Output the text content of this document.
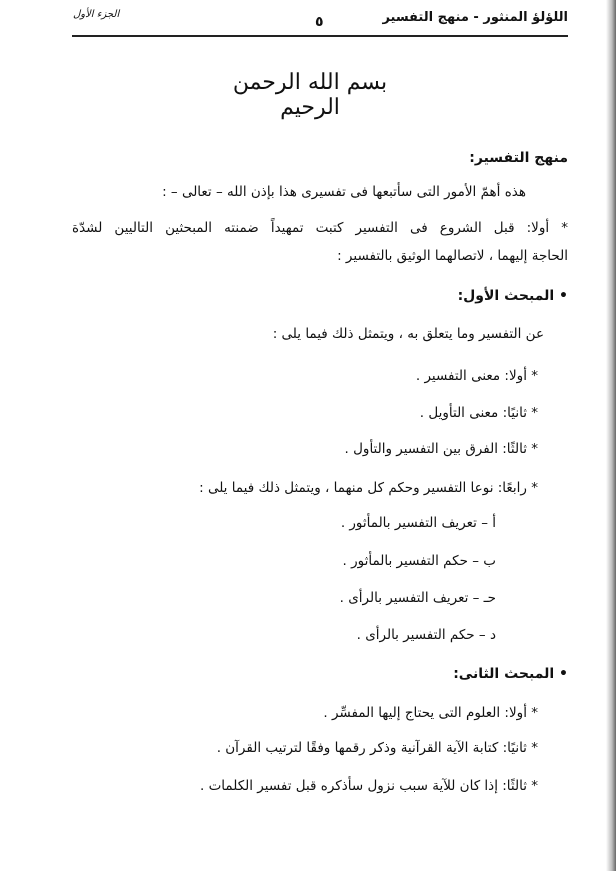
اللؤلؤ المنثور - منهج التفسير
٥
الجزء الأول
بسم الله الرحمن الرحيم
منهج التفسير:
هذه أهمّ الأمور التى سأتبعها فى تفسيرى هذا بإذن الله – تعالى – :
* أولا: قبل الشروع فى التفسير كتبت تمهيداً ضمنته المبحثين التاليين لشدّة
الحاجة إليهما ، لاتصالهما الوثيق بالتفسير :
• المبحث الأول:
عن التفسير وما يتعلق به ، ويتمثل ذلك فيما يلى :
* أولا: معنى التفسير .
* ثانيًا: معنى التأويل .
* ثالثًا: الفرق بين التفسير والتأول .
* رابعًا: نوعا التفسير وحكم كل منهما ، ويتمثل ذلك فيما يلى :
أ – تعريف التفسير بالمأثور .
ب – حكم التفسير بالمأثور .
حـ – تعريف التفسير بالرأى .
د – حكم التفسير بالرأى .
• المبحث الثانى:
* أولا: العلوم التى يحتاج إليها المفسِّر .
* ثانيًا: كتابة الآية القرآنية وذكر رقمها وفقًا لترتيب القرآن .
* ثالثًا: إذا كان للآية سبب نزول سأذكره قبل تفسير الكلمات .
